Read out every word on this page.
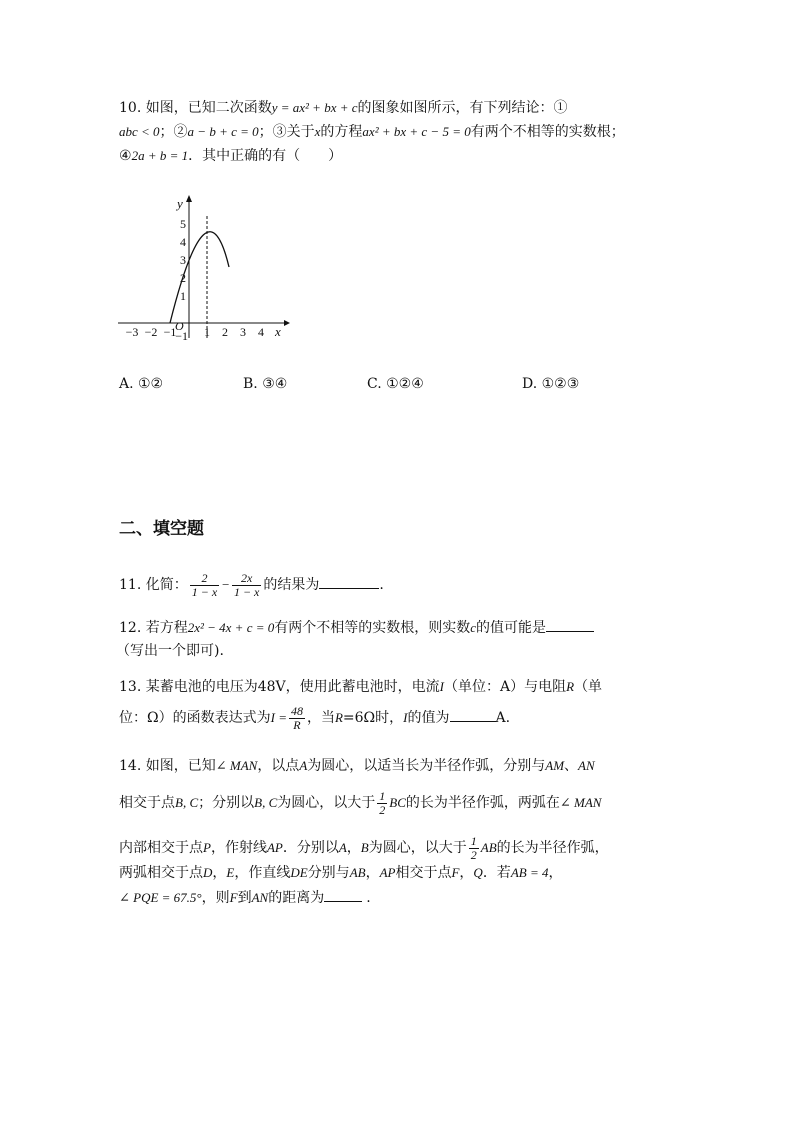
10. 如图，已知二次函数y = ax² + bx + c的图象如图所示，有下列结论：①
abc < 0；②a − b + c = 0；③关于x的方程ax² + bx + c − 5 = 0有两个不相等的实数根；
④2a + b = 1．其中正确的有（　　）
5
4
3
2
1
−1
−3 −2 −1 1 2 3 4
O	x
y
A. ①②	B. ③④	C. ①②④	D. ①②③
二、填空题
11. 化简： $\frac{2}{1 - x} - \frac{2x}{1 - x}$ 的结果为	.
12. 若方程2x² − 4x + c = 0有两个不相等的实数根，则实数c的值可能是
（写出一个即可).
13. 某蓄电池的电压为48V，使用此蓄电池时，电流I（单位：A）与电阻R（单
位：Ω）的函数表达式为$I = \frac{48}{R}$ ，当R=6Ω时，I的值为	A.
14. 如图，已知∠ MAN，以点A为圆心，以适当长为半径作弧，分别与AM、AN
相交于点B, C；分别以B, C为圆心，以大于 $\frac{1}{2}$ BC的长为半径作弧，两弧在∠ MAN
内部相交于点P，作射线AP．分别以A，B为圆心，以大于 $\frac{1}{2}$ AB的长为半径作弧，
两弧相交于点D，E，作直线DE分别与AB，AP相交于点F，Q．若AB = 4，
∠ PQE = 67.5°，则F到AN的距离为	.
